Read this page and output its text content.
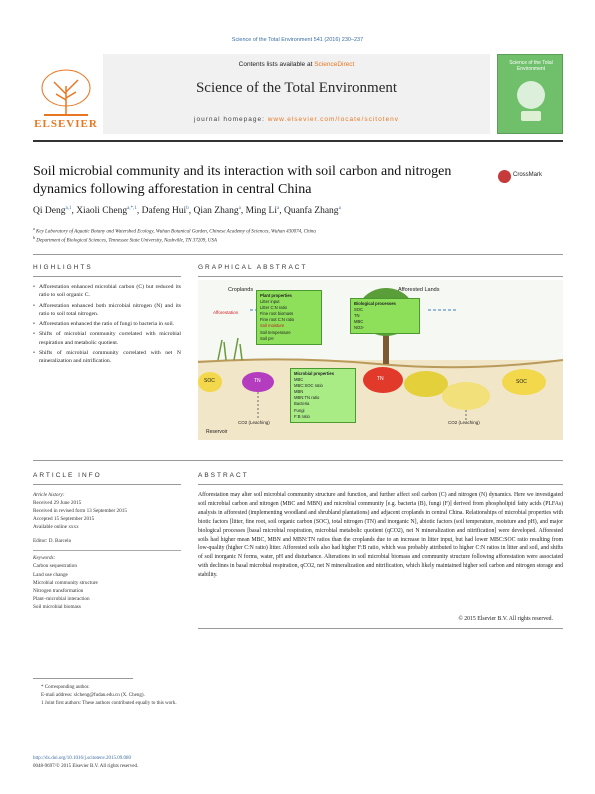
Science of the Total Environment 541 (2016) 230–237
Contents lists available at ScienceDirect
Science of the Total Environment
journal homepage: www.elsevier.com/locate/scitotenv
ELSEVIER
Science of the Total Environment
Soil microbial community and its interaction with soil carbon and nitrogen dynamics following afforestation in central China
CrossMark
Qi Deng$^{a,1}$, Xiaoli Cheng$^{a,*,1}$, Dafeng Hui$^b$, Qian Zhang$^a$, Ming Li$^a$, Quanfa Zhang$^a$
$^a$ Key Laboratory of Aquatic Botany and Watershed Ecology, Wuhan Botanical Garden, Chinese Academy of Sciences, Wuhan 430074, China
$^b$ Department of Biological Sciences, Tennessee State University, Nashville, TN 37209, USA
HIGHLIGHTS
• Afforestation enhanced microbial carbon (C) but reduced its ratio to soil organic C.
• Afforestation enhanced both microbial nitrogen (N) and its ratio to soil total nitrogen.
• Afforestation enhanced the ratio of fungi to bacteria in soil.
• Shifts of microbial community correlated with microbial respiration and metabolic quotient.
• Shifts of microbial community correlated with net N mineralization and nitrification.
GRAPHICAL ABSTRACT
Croplands	Afforested Lands
Afforestation
Plant properties
Litter input
Litter C:N ratio
Fine root biomass
Fine root C:N ratio
Soil moisture
Soil temperature
Soil pH
Biological processes
SOC
TN
MBC
NO3-
Microbial properties
MBC
MBC:SOC ratio
MBN
MBN:TN ratio
Bacteria
Fungi
F:B ratio
SOC	TN	TN	SOC
CO2 (Leaching)	CO2 (Leaching)
Reservoir
ARTICLE INFO
Article history:
Received 29 June 2015
Received in revised form 13 September 2015
Accepted 15 September 2015
Available online xxxx
Editor: D. Barcelo
Keywords:
Carbon sequestration
Land use change
Microbial community structure
Nitrogen transformation
Plant–microbial interaction
Soil microbial biomass
ABSTRACT
Afforestation may alter soil microbial community structure and function, and further affect soil carbon (C) and nitrogen (N) dynamics. Here we investigated soil microbial carbon and nitrogen (MBC and MBN) and microbial community [e.g. bacteria (B), fungi (F)] derived from phospholipid fatty acids (PLFAs) analysis in afforested (implementing woodland and shrubland plantations) and adjacent croplands in central China. Relationships of microbial properties with biotic factors [litter, fine root, soil organic carbon (SOC), total nitrogen (TN) and inorganic N], abiotic factors (soil temperature, moisture and pH), and major biological processes [basal microbial respiration, microbial metabolic quotient (qCO2), net N mineralization and nitrification] were developed. Afforested soils had higher mean MBC, MBN and MBN:TN ratios than the croplands due to an increase in litter input, but had lower MBC:SOC ratio resulting from low-quality (higher C:N ratio) litter. Afforested soils also had higher F:B ratio, which was probably attributed to higher C:N ratios in litter and soil, and shifts of soil inorganic N forms, water, pH and disturbance. Alterations in soil microbial biomass and community structure following afforestation were associated with declines in basal microbial respiration, qCO2, net N mineralization and nitrification, which likely maintained higher soil carbon and nitrogen storage and stability.
© 2015 Elsevier B.V. All rights reserved.
* Corresponding author.
E-mail address: xlcheng@fudan.edu.cn (X. Cheng).
1 Joint first authors: These authors contributed equally to this work.
http://dx.doi.org/10.1016/j.scitotenv.2015.09.080
0048-9697/© 2015 Elsevier B.V. All rights reserved.
